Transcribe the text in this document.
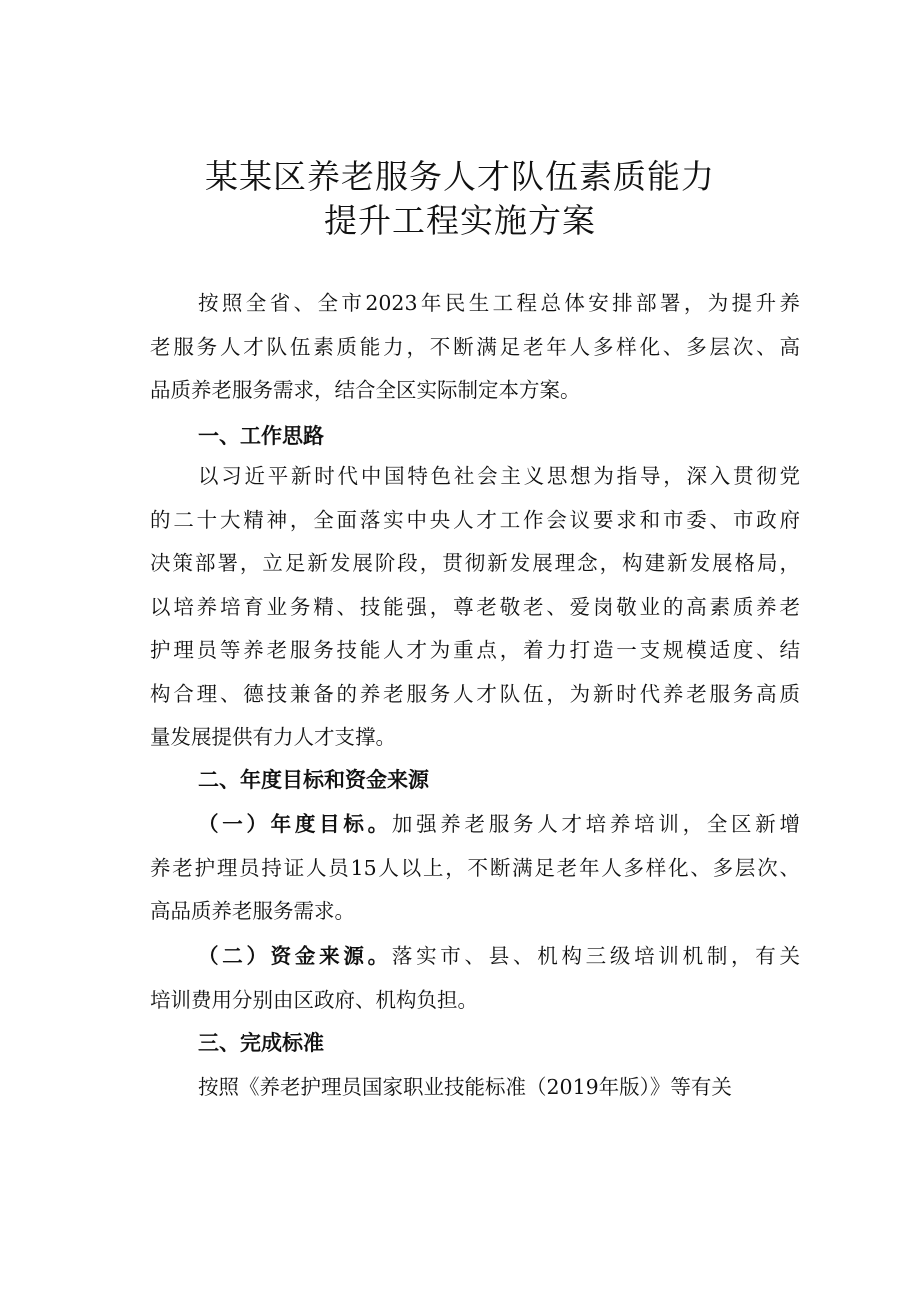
某某区养老服务人才队伍素质能力
提升工程实施方案
按照全省、全市2023年民生工程总体安排部署，为提升养
老服务人才队伍素质能力，不断满足老年人多样化、多层次、高
品质养老服务需求，结合全区实际制定本方案。
一、工作思路
以习近平新时代中国特色社会主义思想为指导，深入贯彻党
的二十大精神，全面落实中央人才工作会议要求和市委、市政府
决策部署，立足新发展阶段，贯彻新发展理念，构建新发展格局，
以培养培育业务精、技能强，尊老敬老、爱岗敬业的高素质养老
护理员等养老服务技能人才为重点，着力打造一支规模适度、结
构合理、德技兼备的养老服务人才队伍，为新时代养老服务高质
量发展提供有力人才支撑。
二、年度目标和资金来源
（一）年度目标。加强养老服务人才培养培训，全区新增
养老护理员持证人员15人以上，不断满足老年人多样化、多层次、
高品质养老服务需求。
（二）资金来源。落实市、县、机构三级培训机制，有关
培训费用分别由区政府、机构负担。
三、完成标准
按照《养老护理员国家职业技能标准（2019年版）》等有关
